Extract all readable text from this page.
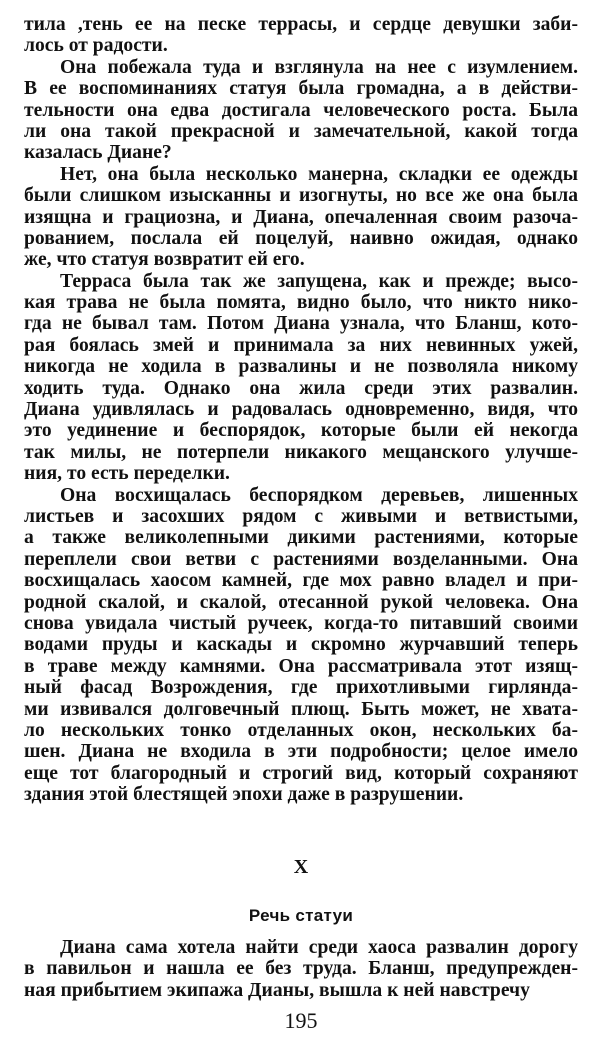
тила ,тень ее на песке террасы, и сердце девушки заби-
лось от радости.
Она побежала туда и взглянула на нее с изумлением.
В ее воспоминаниях статуя была громадна, а в действи-
тельности она едва достигала человеческого роста. Была
ли она такой прекрасной и замечательной, какой тогда
казалась Диане?
Нет, она была несколько манерна, складки ее одежды
были слишком изысканны и изогнуты, но все же она была
изящна и грациозна, и Диана, опечаленная своим разоча-
рованием, послала ей поцелуй, наивно ожидая, однако
же, что статуя возвратит ей его.
Терраса была так же запущена, как и прежде; высо-
кая трава не была помята, видно было, что никто нико-
гда не бывал там. Потом Диана узнала, что Бланш, кото-
рая боялась змей и принимала за них невинных ужей,
никогда не ходила в развалины и не позволяла никому
ходить туда. Однако она жила среди этих развалин.
Диана удивлялась и радовалась одновременно, видя, что
это уединение и беспорядок, которые были ей некогда
так милы, не потерпели никакого мещанского улучше-
ния, то есть переделки.
Она восхищалась беспорядком деревьев, лишенных
листьев и засохших рядом с живыми и ветвистыми,
а также великолепными дикими растениями, которые
переплели свои ветви с растениями возделанными. Она
восхищалась хаосом камней, где мох равно владел и при-
родной скалой, и скалой, отесанной рукой человека. Она
снова увидала чистый ручеек, когда-то питавший своими
водами пруды и каскады и скромно журчавший теперь
в траве между камнями. Она рассматривала этот изящ-
ный фасад Возрождения, где прихотливыми гирлянда-
ми извивался долговечный плющ. Быть может, не хвата-
ло нескольких тонко отделанных окон, нескольких ба-
шен. Диана не входила в эти подробности; целое имело
еще тот благородный и строгий вид, который сохраняют
здания этой блестящей эпохи даже в разрушении.
X
Речь статуи
Диана сама хотела найти среди хаоса развалин дорогу
в павильон и нашла ее без труда. Бланш, предупрежден-
ная прибытием экипажа Дианы, вышла к ней навстречу
195
